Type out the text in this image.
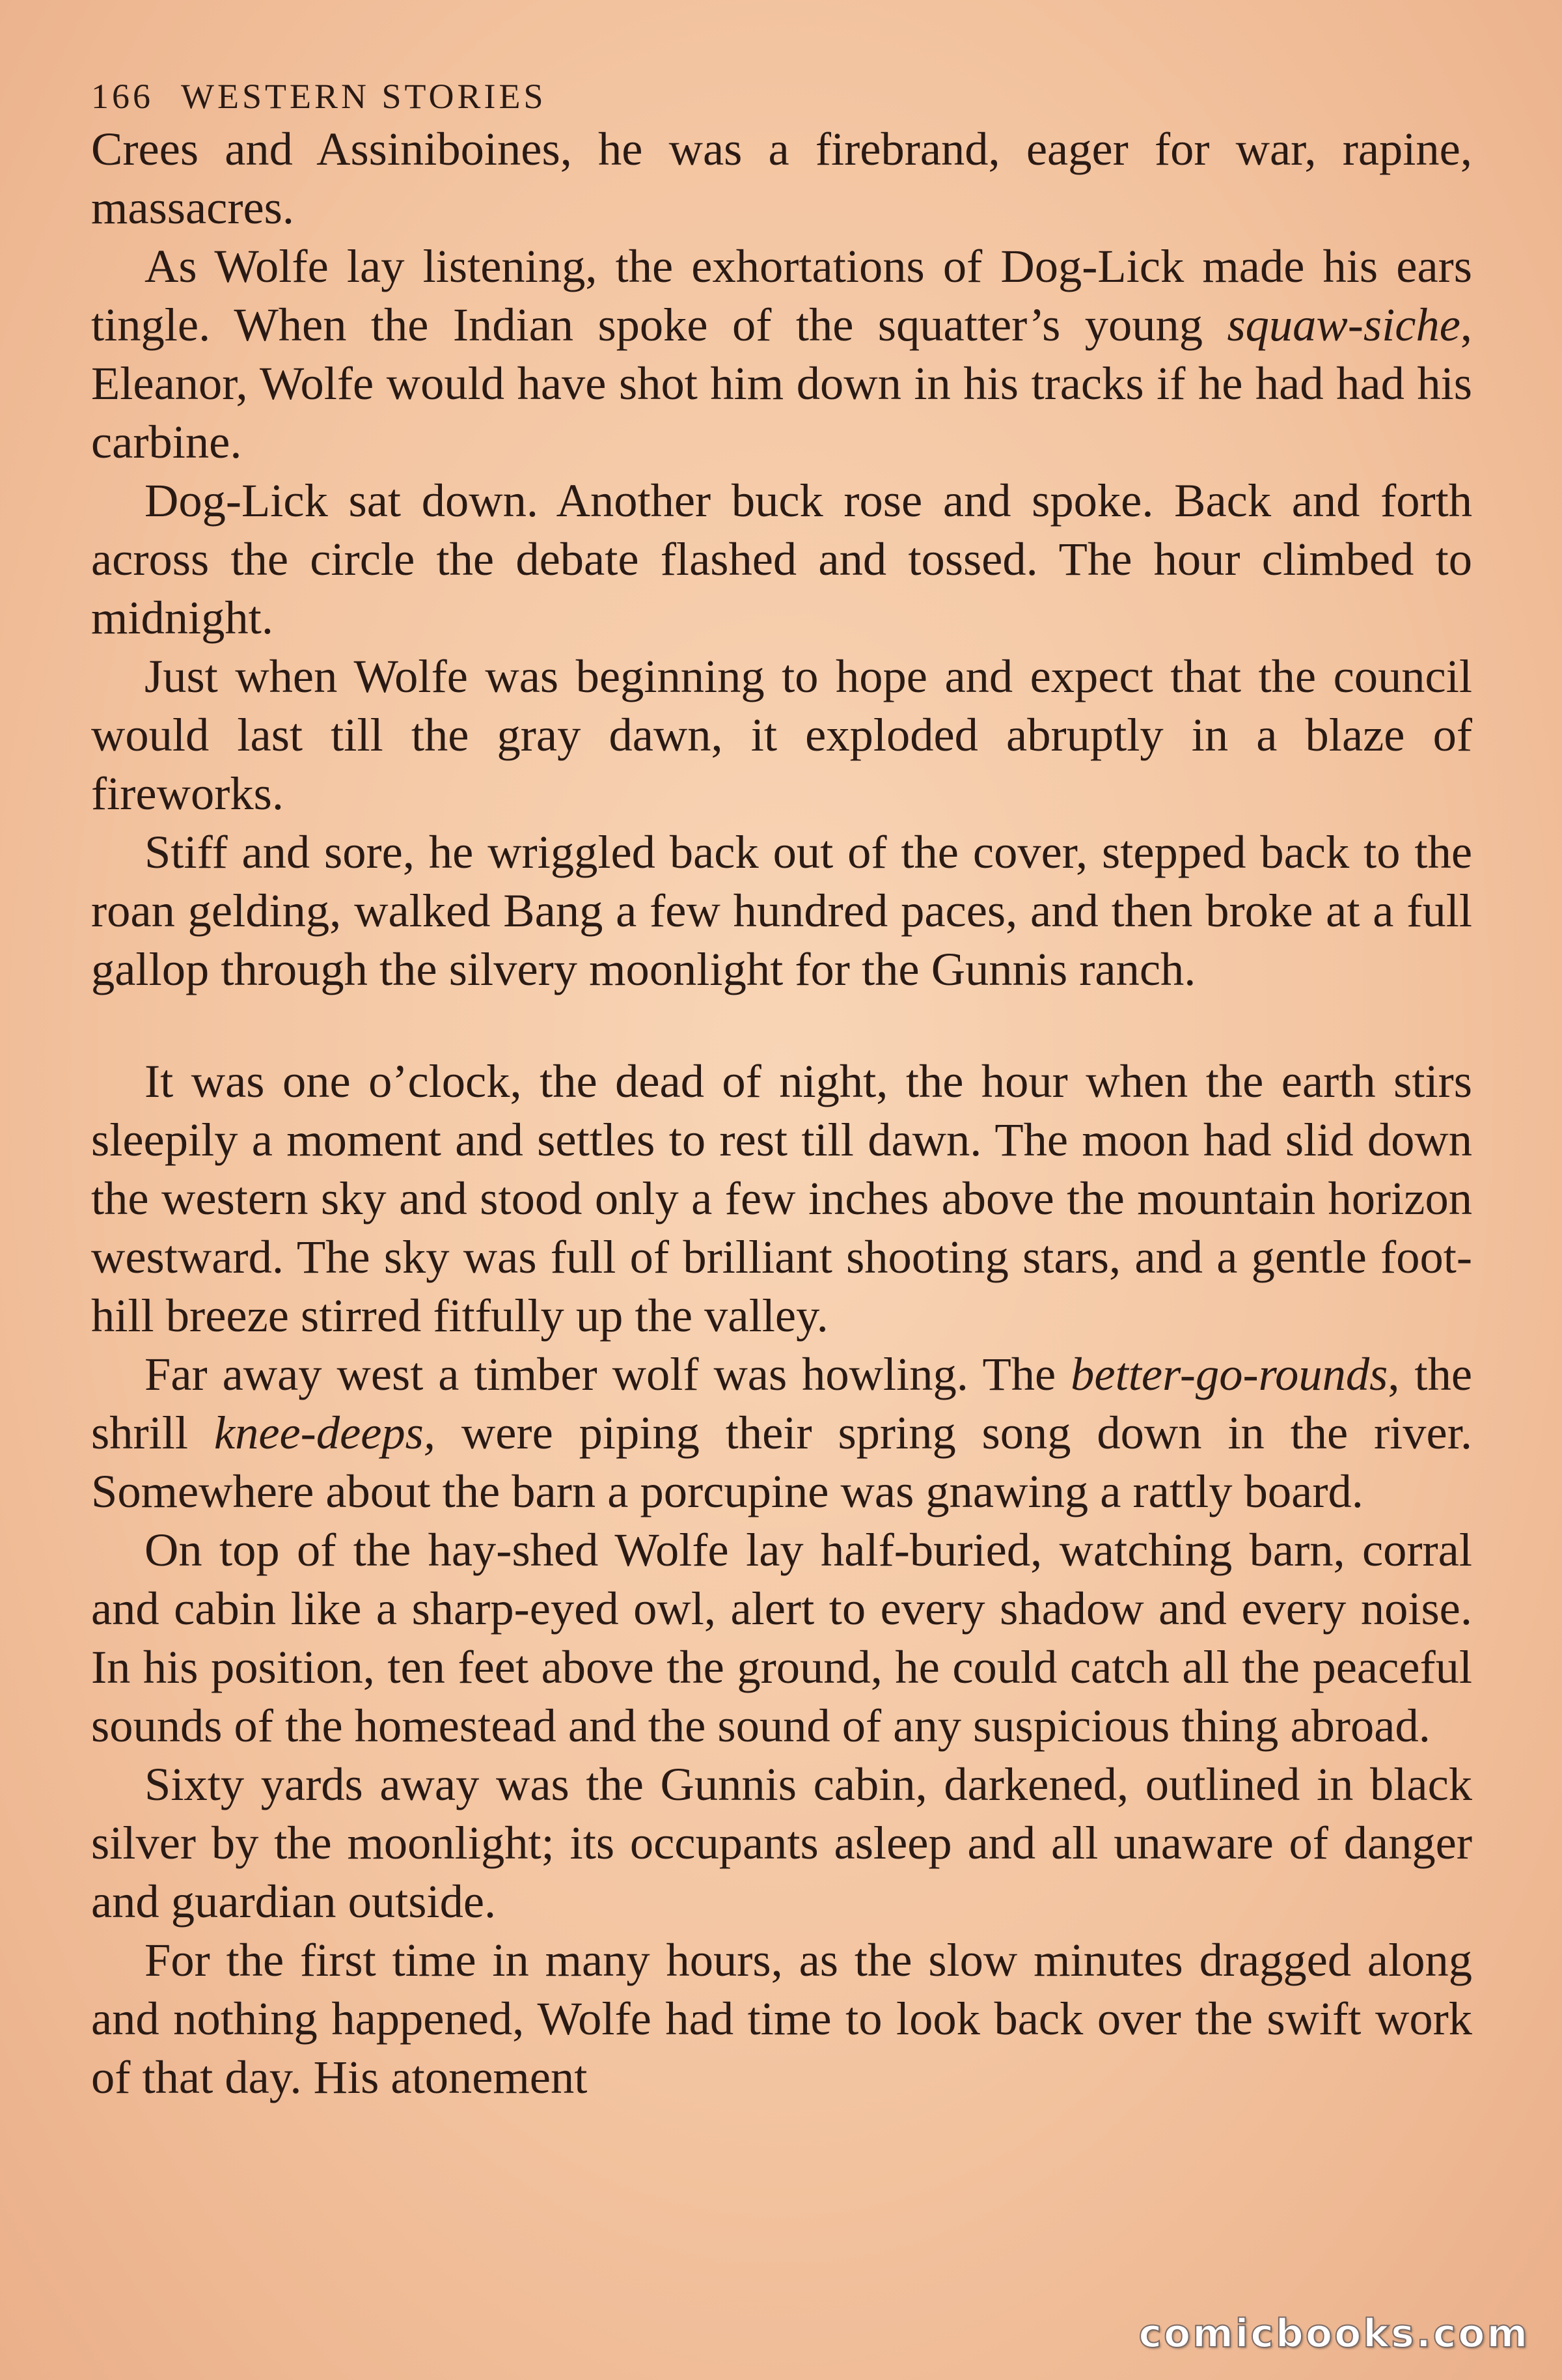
166 WESTERN STORIES

Crees and Assiniboines, he was a firebrand, eager for war, rapine, massacres.

As Wolfe lay listening, the exhortations of Dog-Lick made his ears tingle. When the Indian spoke of the squatter’s young squaw-siche, Eleanor, Wolfe would have shot him down in his tracks if he had had his carbine.

Dog-Lick sat down. Another buck rose and spoke. Back and forth across the circle the debate flashed and tossed. The hour climbed to midnight.

Just when Wolfe was beginning to hope and expect that the council would last till the gray dawn, it exploded abruptly in a blaze of fireworks.

Stiff and sore, he wriggled back out of the cover, stepped back to the roan gelding, walked Bang a few hundred paces, and then broke at a full gallop through the silvery moonlight for the Gunnis ranch.

It was one o’clock, the dead of night, the hour when the earth stirs sleepily a moment and settles to rest till dawn. The moon had slid down the western sky and stood only a few inches above the mountain horizon westward. The sky was full of brilliant shooting stars, and a gentle foothill breeze stirred fitfully up the valley.

Far away west a timber wolf was howling. The better-go-rounds, the shrill knee-deeps, were piping their spring song down in the river. Somewhere about the barn a porcupine was gnawing a rattly board.

On top of the hay-shed Wolfe lay half-buried, watching barn, corral and cabin like a sharp-eyed owl, alert to every shadow and every noise. In his position, ten feet above the ground, he could catch all the peaceful sounds of the homestead and the sound of any suspicious thing abroad.

Sixty yards away was the Gunnis cabin, darkened, outlined in black silver by the moonlight; its occupants asleep and all unaware of danger and guardian outside.

For the first time in many hours, as the slow minutes dragged along and nothing happened, Wolfe had time to look back over the swift work of that day. His atonement

comicbooks.com
